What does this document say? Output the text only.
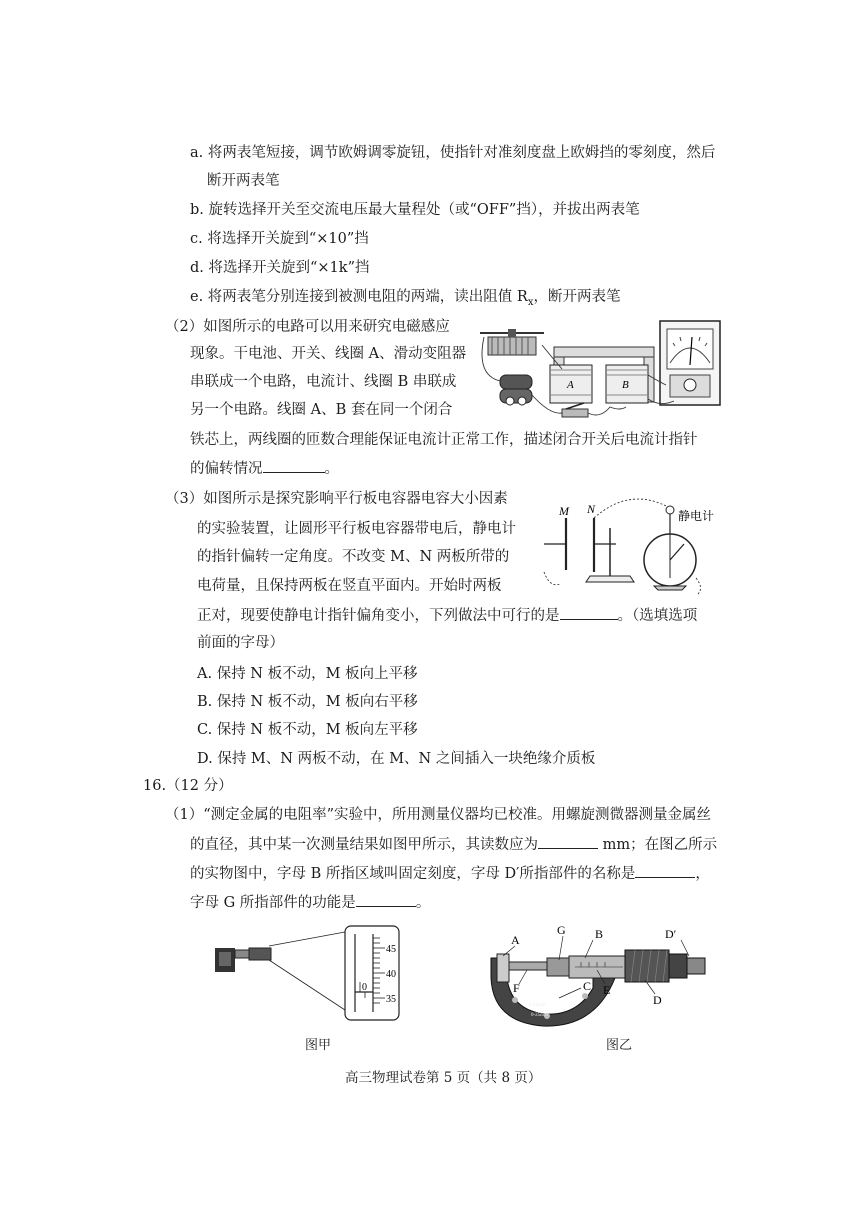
a. 将两表笔短接，调节欧姆调零旋钮，使指针对准刻度盘上欧姆挡的零刻度，然后
断开两表笔
b. 旋转选择开关至交流电压最大量程处（或“OFF”挡），并拔出两表笔
c. 将选择开关旋到“×10”挡
d. 将选择开关旋到“×1k”挡
e. 将两表笔分别连接到被测电阻的两端，读出阻值 $R_x$，断开两表笔
（2）如图所示的电路可以用来研究电磁感应
现象。干电池、开关、线圈 A、滑动变阻器
串联成一个电路，电流计、线圈 B 串联成
另一个电路。线圈 A、B 套在同一个闭合
铁芯上，两线圈的匝数合理能保证电流计正常工作，描述闭合开关后电流计指针
的偏转情况	。
A	B
（3）如图所示是探究影响平行板电容器电容大小因素
的实验装置，让圆形平行板电容器带电后，静电计
的指针偏转一定角度。不改变 M、N 两板所带的
电荷量，且保持两板在竖直平面内。开始时两板
正对，现要使静电计指针偏角变小，下列做法中可行的是	。（选填选项
前面的字母）
A. 保持 N 板不动，M 板向上平移
B. 保持 N 板不动，M 板向右平移
C. 保持 N 板不动，M 板向左平移
D. 保持 M、N 两板不动，在 M、N 之间插入一块绝缘介质板
M N	静电计
16.（12 分）
（1）“测定金属的电阻率”实验中，所用测量仪器均已校准。用螺旋测微器测量金属丝
的直径，其中某一次测量结果如图甲所示，其读数应为	mm；在图乙所示
的实物图中，字母 B 所指区域叫固定刻度，字母 D′所指部件的名称是	，
字母 G 所指部件的功能是	。
45
40
0
35
图甲
0.01mm
0-25mm
A
G B	D′
F	E
C
D
图乙
高三物理试卷第 5 页（共 8 页）
